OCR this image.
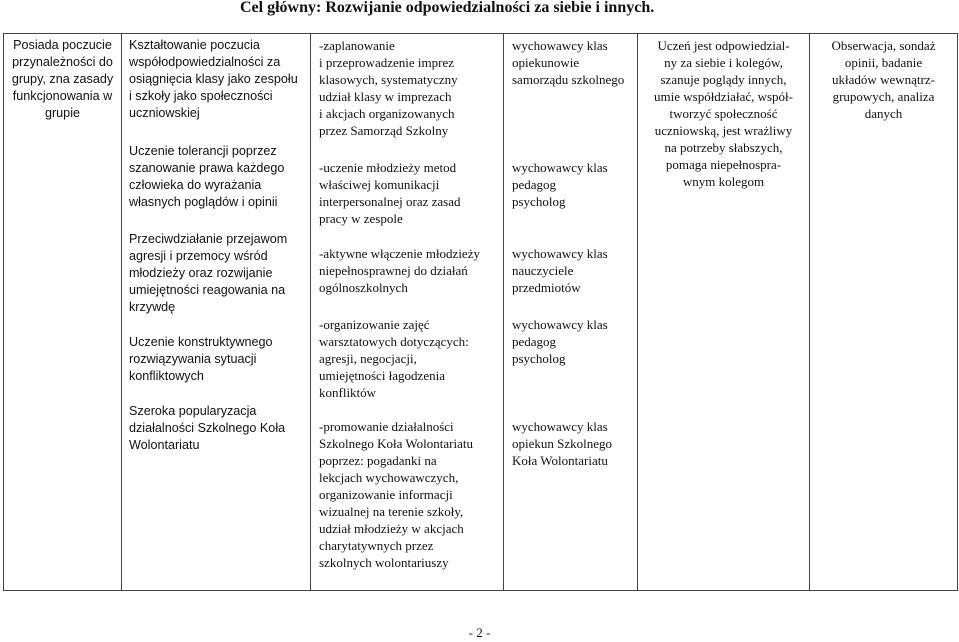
Cel główny: Rozwijanie odpowiedzialności za siebie i innych.
Posiada poczucie
przynależności do
grupy, zna zasady
funkcjonowania w
grupie
Kształtowanie poczucia
współodpowiedzialności za
osiągnięcia klasy jako zespołu
i szkoły jako społeczności
uczniowskiej
Uczenie tolerancji poprzez
szanowanie prawa każdego
człowieka do wyrażania
własnych poglądów i opinii
Przeciwdziałanie przejawom
agresji i przemocy wśród
młodzieży oraz rozwijanie
umiejętności reagowania na
krzywdę
Uczenie konstruktywnego
rozwiązywania sytuacji
konfliktowych
Szeroka popularyzacja
działalności Szkolnego Koła
Wolontariatu
-zaplanowanie
i przeprowadzenie imprez
klasowych, systematyczny
udział klasy w imprezach
i akcjach organizowanych
przez Samorząd Szkolny
-uczenie młodzieży metod
właściwej komunikacji
interpersonalnej oraz zasad
pracy w zespole
-aktywne włączenie młodzieży
niepełnosprawnej do działań
ogólnoszkolnych
-organizowanie zajęć
warsztatowych dotyczących:
agresji, negocjacji,
umiejętności łagodzenia
konfliktów
-promowanie działalności
Szkolnego Koła Wolontariatu
poprzez: pogadanki na
lekcjach wychowawczych,
organizowanie informacji
wizualnej na terenie szkoły,
udział młodzieży w akcjach
charytatywnych przez
szkolnych wolontariuszy
wychowawcy klas
opiekunowie
samorządu szkolnego
wychowawcy klas
pedagog
psycholog
wychowawcy klas
nauczyciele
przedmiotów
wychowawcy klas
pedagog
psycholog
wychowawcy klas
opiekun Szkolnego
Koła Wolontariatu
Uczeń jest odpowiedzial-
ny za siebie i kolegów,
szanuje poglądy innych,
umie współdziałać, współ-
tworzyć społeczność
uczniowską, jest wrażliwy
na potrzeby słabszych,
pomaga niepełnospra-
wnym kolegom
Obserwacja, sondaż
opinii, badanie
układów wewnątrz-
grupowych, analiza
danych
- 2 -
